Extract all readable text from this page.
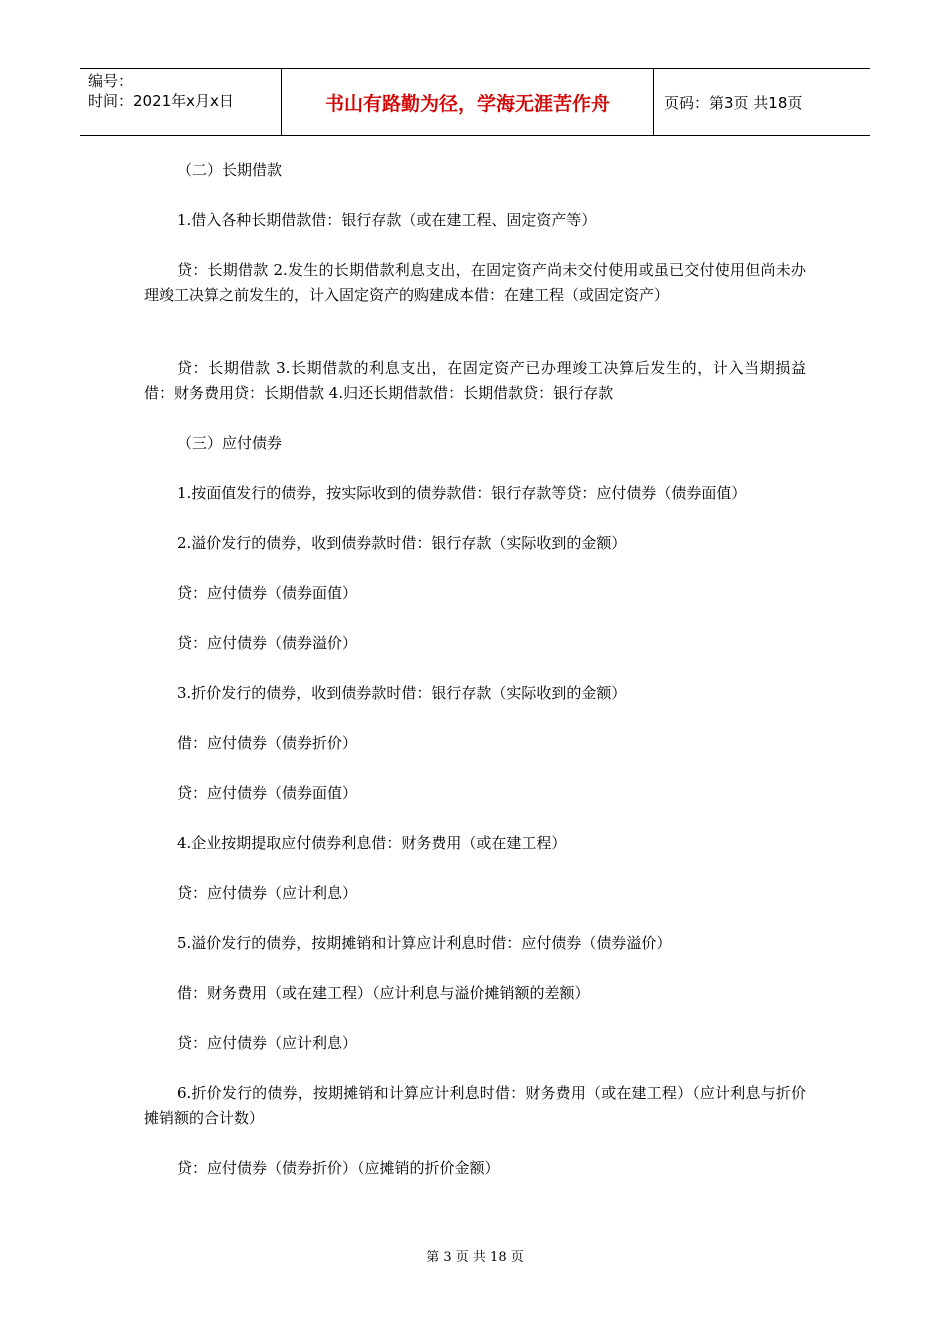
编号：
时间：2021年x月x日	书山有路勤为径，学海无涯苦作舟	页码：第3页 共18页

（二）长期借款

1.借入各种长期借款借：银行存款（或在建工程、固定资产等）

贷：长期借款 2.发生的长期借款利息支出，在固定资产尚未交付使用或虽已交付使用但尚未办理竣工决算之前发生的，计入固定资产的购建成本借：在建工程（或固定资产）

贷：长期借款 3.长期借款的利息支出，在固定资产已办理竣工决算后发生的，计入当期损益借：财务费用贷：长期借款 4.归还长期借款借：长期借款贷：银行存款

（三）应付债券

1.按面值发行的债券，按实际收到的债券款借：银行存款等贷：应付债券（债券面值）

2.溢价发行的债券，收到债券款时借：银行存款（实际收到的金额）

贷：应付债券（债券面值）

贷：应付债券（债券溢价）

3.折价发行的债券，收到债券款时借：银行存款（实际收到的金额）

借：应付债券（债券折价）

贷：应付债券（债券面值）

4.企业按期提取应付债券利息借：财务费用（或在建工程）

贷：应付债券（应计利息）

5.溢价发行的债券，按期摊销和计算应计利息时借：应付债券（债券溢价）

借：财务费用（或在建工程）（应计利息与溢价摊销额的差额）

贷：应付债券（应计利息）

6.折价发行的债券，按期摊销和计算应计利息时借：财务费用（或在建工程）（应计利息与折价摊销额的合计数）

贷：应付债券（债券折价）（应摊销的折价金额）

第 3 页 共 18 页
